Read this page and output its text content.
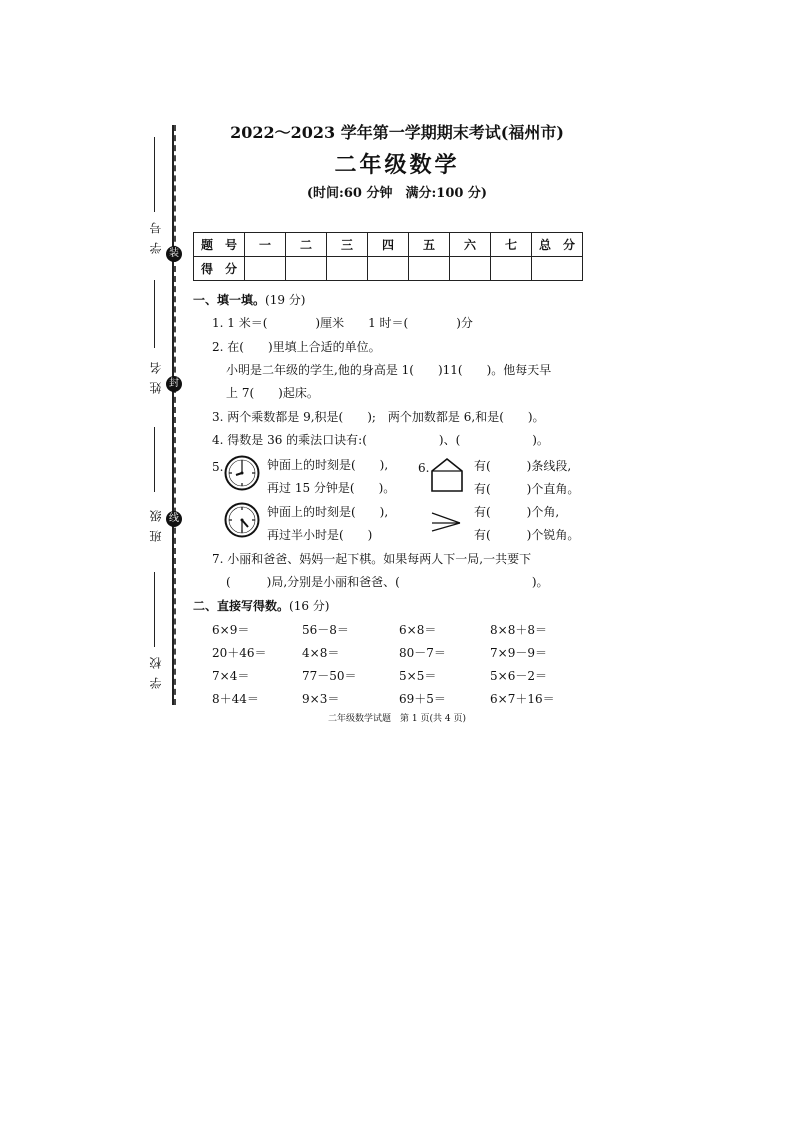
装
封
线
学 号
姓 名
班 级
学 校
2022～2023 学年第一学期期末考试(福州市)
二年级数学
(时间:60 分钟　满分:100 分)
题　号	一	二	三	四	五	六	七	总　分
得　分								
一、填一填。(19 分)
1. 1 米＝(　　　　)厘米　　1 时＝(　　　　)分
2. 在(　　)里填上合适的单位。
小明是二年级的学生,他的身高是 1(　　)11(　　)。他每天早
上 7(　　)起床。
3. 两个乘数都是 9,积是(　　);　两个加数都是 6,和是(　　)。
4. 得数是 36 的乘法口诀有:(　　　　　　)、(　　　　　　)。
5.	钟面上的时刻是(　　),
再过 15 分钟是(　　)。
钟面上的时刻是(　　),
再过半小时是(　　)
6.	有(　　　)条线段,
有(　　　)个直角。
有(　　　)个角,
有(　　　)个锐角。
7. 小丽和爸爸、妈妈一起下棋。如果每两人下一局,一共要下
(　　　)局,分别是小丽和爸爸、(　　　　　　　　　　　)。
二、直接写得数。(16 分)
6×9＝	56－8＝	6×8＝	8×8＋8＝
20＋46＝	4×8＝	80－7＝	7×9－9＝
7×4＝	77－50＝	5×5＝	5×6－2＝
8＋44＝	9×3＝	69＋5＝	6×7＋16＝
二年级数学试题　第 1 页(共 4 页)
